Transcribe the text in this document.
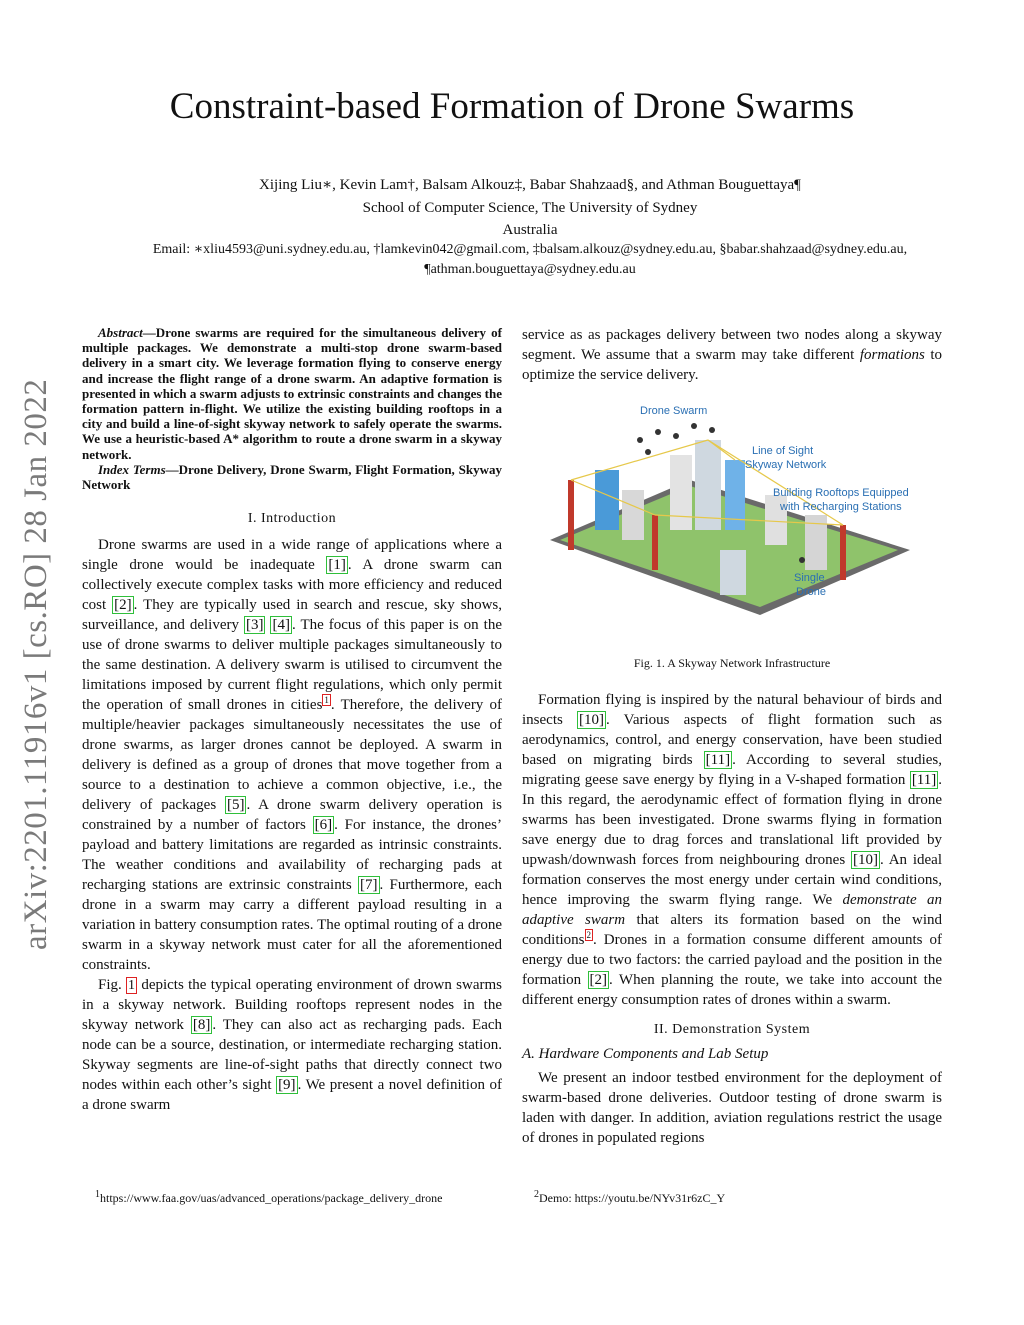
Constraint-based Formation of Drone Swarms
Xijing Liu∗, Kevin Lam†, Balsam Alkouz‡, Babar Shahzaad§, and Athman Bouguettaya¶
School of Computer Science, The University of Sydney
Australia
Email: ∗xliu4593@uni.sydney.edu.au, †lamkevin042@gmail.com, ‡balsam.alkouz@sydney.edu.au, §babar.shahzaad@sydney.edu.au,
¶athman.bouguettaya@sydney.edu.au
arXiv:2201.11916v1 [cs.RO] 28 Jan 2022

Abstract—Drone swarms are required for the simultaneous delivery of multiple packages. We demonstrate a multi-stop drone swarm-based delivery in a smart city. We leverage formation flying to conserve energy and increase the flight range of a drone swarm. An adaptive formation is presented in which a swarm adjusts to extrinsic constraints and changes the formation pattern in-flight. We utilize the existing building rooftops in a city and build a line-of-sight skyway network to safely operate the swarms. We use a heuristic-based A* algorithm to route a drone swarm in a skyway network.

Index Terms—Drone Delivery, Drone Swarm, Flight Formation, Skyway Network

I. Introduction

Drone swarms are used in a wide range of applications where a single drone would be inadequate [1] . A drone swarm can collectively execute complex tasks with more efficiency and reduced cost [2] . They are typically used in search and rescue, sky shows, surveillance, and delivery [3] [4] . The focus of this paper is on the use of drone swarms to deliver multiple packages simultaneously to the same destination. A delivery swarm is utilised to circumvent the limitations imposed by current flight regulations, which only permit the operation of small drones in cities $^1$ . Therefore, the delivery of multiple/heavier packages simultaneously necessitates the use of drone swarms, as larger drones cannot be deployed. A swarm in delivery is defined as a group of drones that move together from a source to a destination to achieve a common objective, i.e., the delivery of packages [5] . A drone swarm delivery operation is constrained by a number of factors [6] . For instance, the drones’ payload and battery limitations are regarded as intrinsic constraints. The weather conditions and availability of recharging pads at recharging stations are extrinsic constraints [7] . Furthermore, each drone in a swarm may carry a different payload resulting in a variation in battery consumption rates. The optimal routing of a drone swarm in a skyway network must cater for all the aforementioned constraints.

Fig. 1 depicts the typical operating environment of drown swarms in a skyway network. Building rooftops represent nodes in the skyway network [8] . They can also act as recharging pads. Each node can be a source, destination, or intermediate recharging station. Skyway segments are line-of-sight paths that directly connect two nodes within each other’s sight [9] . We present a novel definition of a drone swarm

$^1$https://www.faa.gov/uas/advanced_operations/package_delivery_drone

service as as packages delivery between two nodes along a skyway segment. We assume that a swarm may take different formations to optimize the service delivery.

Drone Swarm
Line of Sight
Skyway Network
Building Rooftops Equipped
with Recharging Stations
Single
Drone
Fig. 1. A Skyway Network Infrastructure

Formation flying is inspired by the natural behaviour of birds and insects [10] . Various aspects of flight formation such as aerodynamics, control, and energy conservation, have been studied based on migrating birds [11] . According to several studies, migrating geese save energy by flying in a V-shaped formation [11] . In this regard, the aerodynamic effect of formation flying in drone swarms has been investigated. Drone swarms flying in formation save energy due to drag forces and translational lift provided by upwash/downwash forces from neighbouring drones [10] . An ideal formation conserves the most energy under certain wind conditions, hence improving the swarm flying range. We demonstrate an adaptive swarm that alters its formation based on the wind conditions $^2$ . Drones in a formation consume different amounts of energy due to two factors: the carried payload and the position in the formation [2] . When planning the route, we take into account the different energy consumption rates of drones within a swarm.

II. Demonstration System

A. Hardware Components and Lab Setup

We present an indoor testbed environment for the deployment of swarm-based drone deliveries. Outdoor testing of drone swarm is laden with danger. In addition, aviation regulations restrict the usage of drones in populated regions

$^2$Demo: https://youtu.be/NYv31r6zC_Y
